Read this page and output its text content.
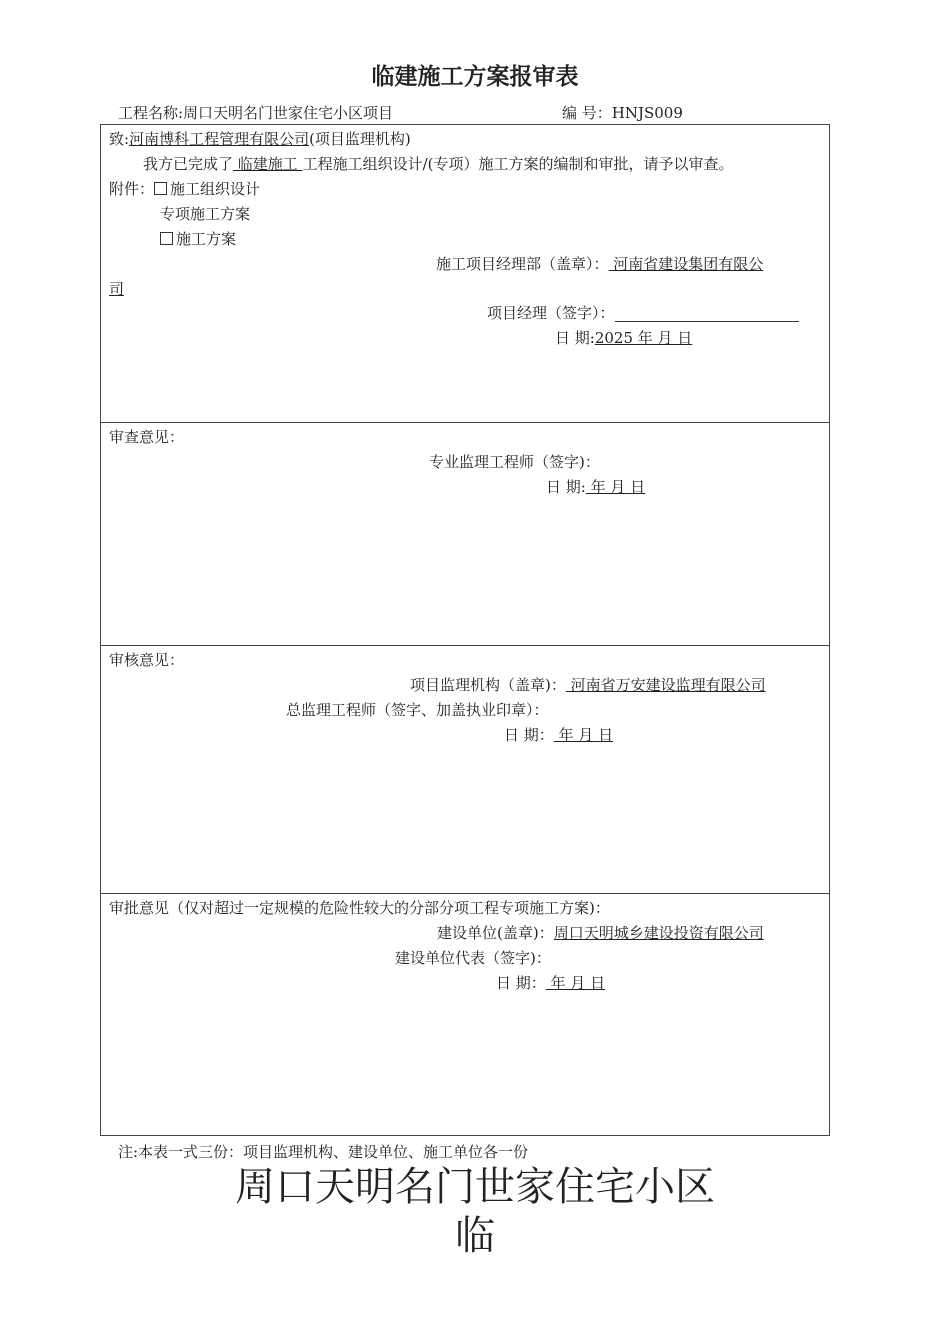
临建施工方案报审表
工程名称:周口天明名门世家住宅小区项目	编 号：HNJS009
致:河南博科工程管理有限公司(项目监理机构)
我方已完成了 临建施工 工程施工组织设计/(专项）施工方案的编制和审批，请予以审查。
附件： 施工组织设计
专项施工方案
施工方案
施工项目经理部（盖章）： 河南省建设集团有限公
司
项目经理（签字）：
日 期:2025 年 月 日
审查意见：
专业监理工程师（签字)：
日 期: 年 月 日
审核意见：
项目监理机构（盖章)： 河南省万安建设监理有限公司
总监理工程师（签字、加盖执业印章）：
日 期： 年 月 日
审批意见（仅对超过一定规模的危险性较大的分部分项工程专项施工方案)：
建设单位(盖章)：周口天明城乡建设投资有限公司
建设单位代表（签字)：
日 期： 年 月 日
注:本表一式三份：项目监理机构、建设单位、施工单位各一份
周口天明名门世家住宅小区
临
